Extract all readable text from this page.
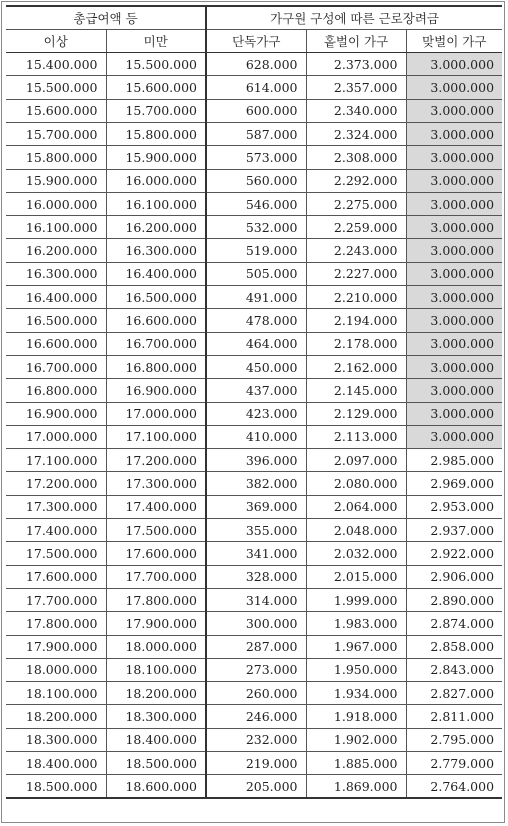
총급여액 등		가구원 구성에 따른 근로장려금		
이상	미만	단독가구	홑벌이 가구	맞벌이 가구
15.400.000	15.500.000	628.000	2.373.000	3.000.000
15.500.000	15.600.000	614.000	2.357.000	3.000.000
15.600.000	15.700.000	600.000	2.340.000	3.000.000
15.700.000	15.800.000	587.000	2.324.000	3.000.000
15.800.000	15.900.000	573.000	2.308.000	3.000.000
15.900.000	16.000.000	560.000	2.292.000	3.000.000
16.000.000	16.100.000	546.000	2.275.000	3.000.000
16.100.000	16.200.000	532.000	2.259.000	3.000.000
16.200.000	16.300.000	519.000	2.243.000	3.000.000
16.300.000	16.400.000	505.000	2.227.000	3.000.000
16.400.000	16.500.000	491.000	2.210.000	3.000.000
16.500.000	16.600.000	478.000	2.194.000	3.000.000
16.600.000	16.700.000	464.000	2.178.000	3.000.000
16.700.000	16.800.000	450.000	2.162.000	3.000.000
16.800.000	16.900.000	437.000	2.145.000	3.000.000
16.900.000	17.000.000	423.000	2.129.000	3.000.000
17.000.000	17.100.000	410.000	2.113.000	3.000.000
17.100.000	17.200.000	396.000	2.097.000	2.985.000
17.200.000	17.300.000	382.000	2.080.000	2.969.000
17.300.000	17.400.000	369.000	2.064.000	2.953.000
17.400.000	17.500.000	355.000	2.048.000	2.937.000
17.500.000	17.600.000	341.000	2.032.000	2.922.000
17.600.000	17.700.000	328.000	2.015.000	2.906.000
17.700.000	17.800.000	314.000	1.999.000	2.890.000
17.800.000	17.900.000	300.000	1.983.000	2.874.000
17.900.000	18.000.000	287.000	1.967.000	2.858.000
18.000.000	18.100.000	273.000	1.950.000	2.843.000
18.100.000	18.200.000	260.000	1.934.000	2.827.000
18.200.000	18.300.000	246.000	1.918.000	2.811.000
18.300.000	18.400.000	232.000	1.902.000	2.795.000
18.400.000	18.500.000	219.000	1.885.000	2.779.000
18.500.000	18.600.000	205.000	1.869.000	2.764.000
